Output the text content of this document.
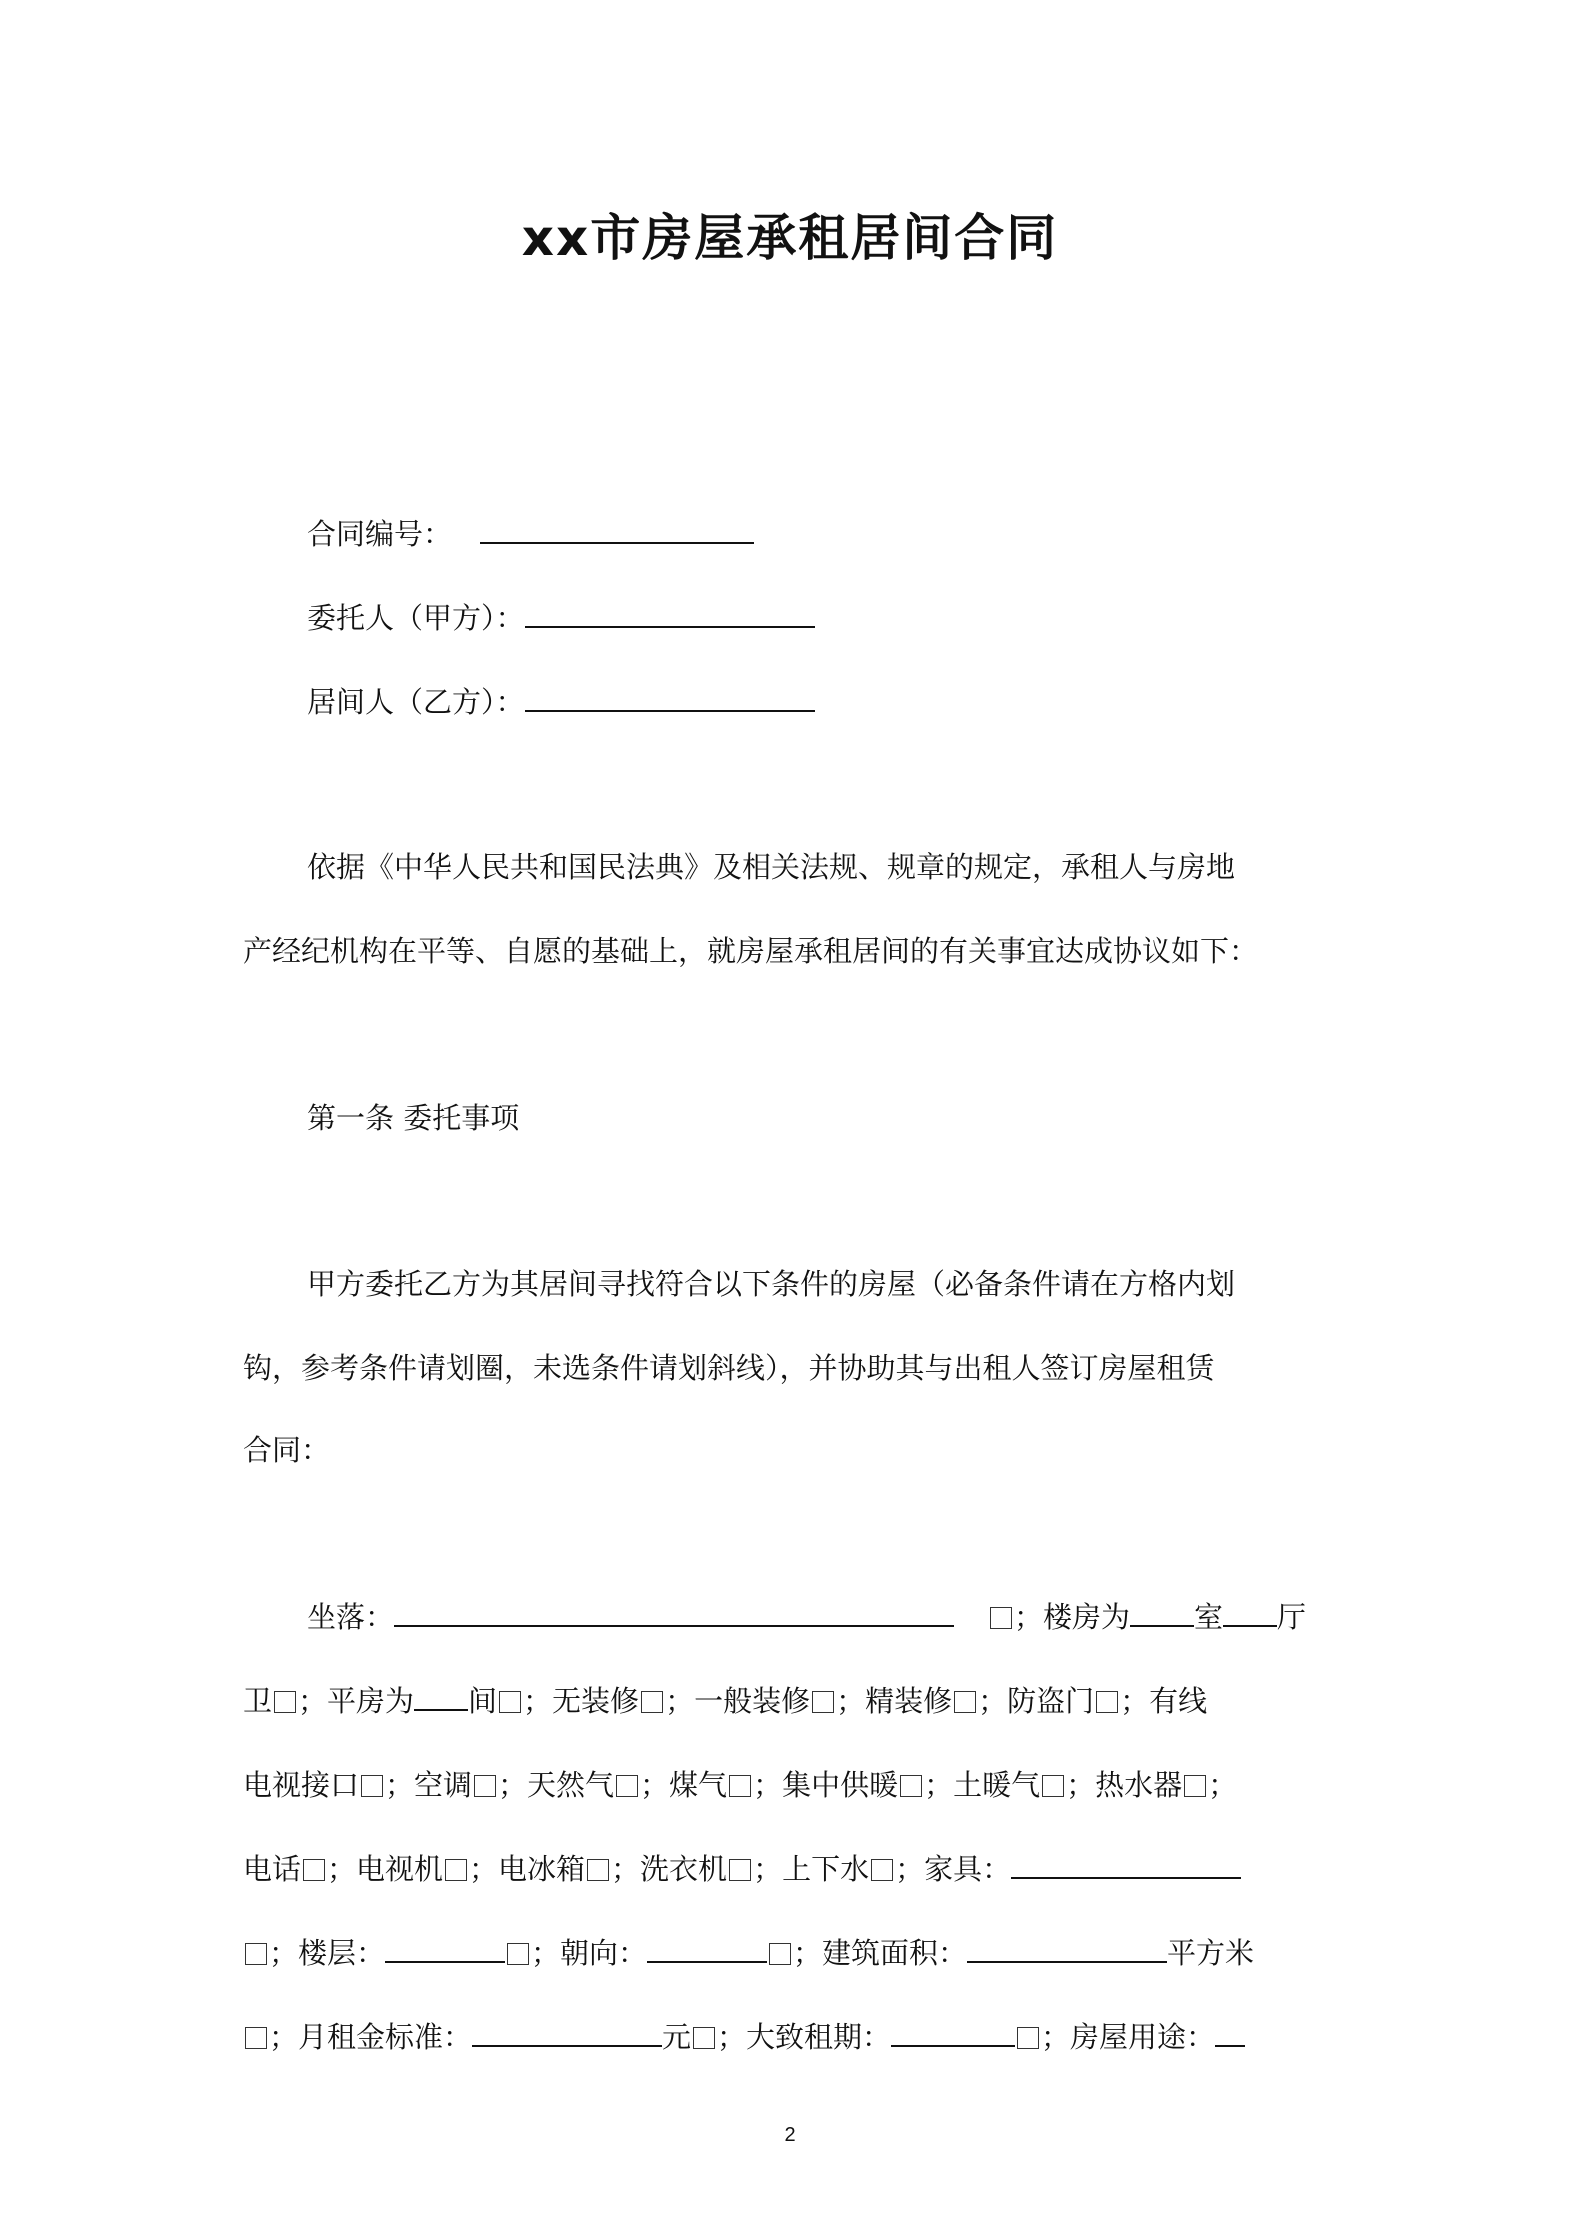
xx市房屋承租居间合同
合同编号：
委托人（甲方）：
居间人（乙方）：
依据《中华人民共和国民法典》及相关法规、规章的规定，承租人与房地
产经纪机构在平等、自愿的基础上，就房屋承租居间的有关事宜达成协议如下：
第一条 委托事项
甲方委托乙方为其居间寻找符合以下条件的房屋（必备条件请在方格内划
钩，参考条件请划圈，未选条件请划斜线），并协助其与出租人签订房屋租赁
合同：
坐落：	；楼房为 室 厅
卫 ；平房为 间 ；无装修 ；一般装修 ；精装修 ；防盗门 ；有线
电视接口 ；空调 ；天然气 ；煤气 ；集中供暖 ；土暖气 ；热水器 ；
电话 ；电视机 ；电冰箱 ；洗衣机 ；上下水 ；家具：
；楼层：	；朝向：	；建筑面积：	平方米
；月租金标准：	元 ；大致租期：	；房屋用途：
2
